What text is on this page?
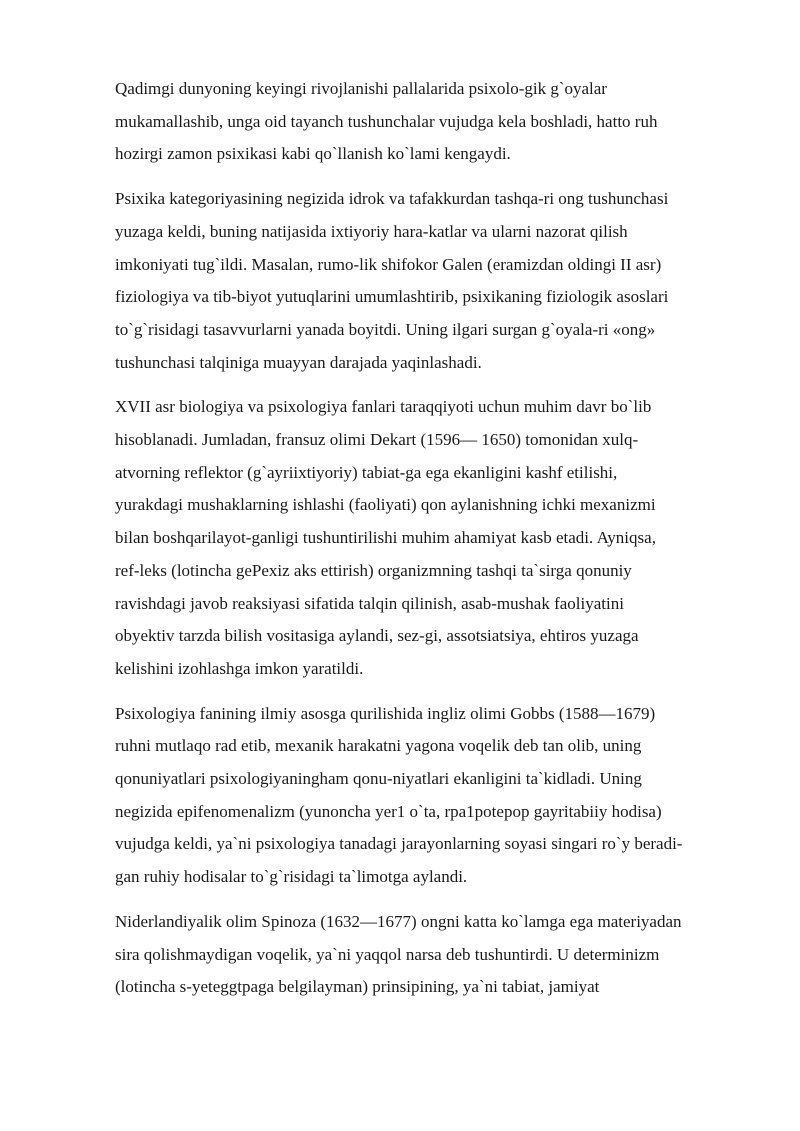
Qadimgi dunyoning keyingi rivojlanishi pallalarida psixolo-gik g`oyalar
mukamallashib, unga oid tayanch tushunchalar vujudga kela boshladi, hatto ruh
hozirgi zamon psixikasi kabi qo`llanish ko`lami kengaydi.

Psixika kategoriyasining negizida idrok va tafakkurdan tashqa-ri ong tushunchasi
yuzaga keldi, buning natijasida ixtiyoriy hara-katlar va ularni nazorat qilish
imkoniyati tug`ildi. Masalan, rumo-lik shifokor Galen (eramizdan oldingi II asr)
fiziologiya va tib-biyot yutuqlarini umumlashtirib, psixikaning fiziologik asoslari
to`g`risidagi tasavvurlarni yanada boyitdi. Uning ilgari surgan g`oyala-ri «ong»
tushunchasi talqiniga muayyan darajada yaqinlashadi.

XVII asr biologiya va psixologiya fanlari taraqqiyoti uchun muhim davr bo`lib
hisoblanadi. Jumladan, fransuz olimi Dekart (1596— 1650) tomonidan xulq-
atvorning reflektor (g`ayriixtiyoriy) tabiat-ga ega ekanligini kashf etilishi,
yurakdagi mushaklarning ishlashi (faoliyati) qon aylanishning ichki mexanizmi
bilan boshqarilayot-ganligi tushuntirilishi muhim ahamiyat kasb etadi. Ayniqsa,
ref-leks (lotincha gePexiz aks ettirish) organizmning tashqi ta`sirga qonuniy
ravishdagi javob reaksiyasi sifatida talqin qilinish, asab-mushak faoliyatini
obyektiv tarzda bilish vositasiga aylandi, sez-gi, assotsiatsiya, ehtiros yuzaga
kelishini izohlashga imkon yaratildi.

Psixologiya fanining ilmiy asosga qurilishida ingliz olimi Gobbs (1588—1679)
ruhni mutlaqo rad etib, mexanik harakatni yagona voqelik deb tan olib, uning
qonuniyatlari psixologiyaningham qonu-niyatlari ekanligini ta`kidladi. Uning
negizida epifenomenalizm (yunoncha yer1 o`ta, rpa1potepop gayritabiiy hodisa)
vujudga keldi, ya`ni psixologiya tanadagi jarayonlarning soyasi singari ro`y beradi-
gan ruhiy hodisalar to`g`risidagi ta`limotga aylandi.

Niderlandiyalik olim Spinoza (1632—1677) ongni katta ko`lamga ega materiyadan
sira qolishmaydigan voqelik, ya`ni yaqqol narsa deb tushuntirdi. U determinizm
(lotincha s-yeteggtpaga belgilayman) prinsipining, ya`ni tabiat, jamiyat
